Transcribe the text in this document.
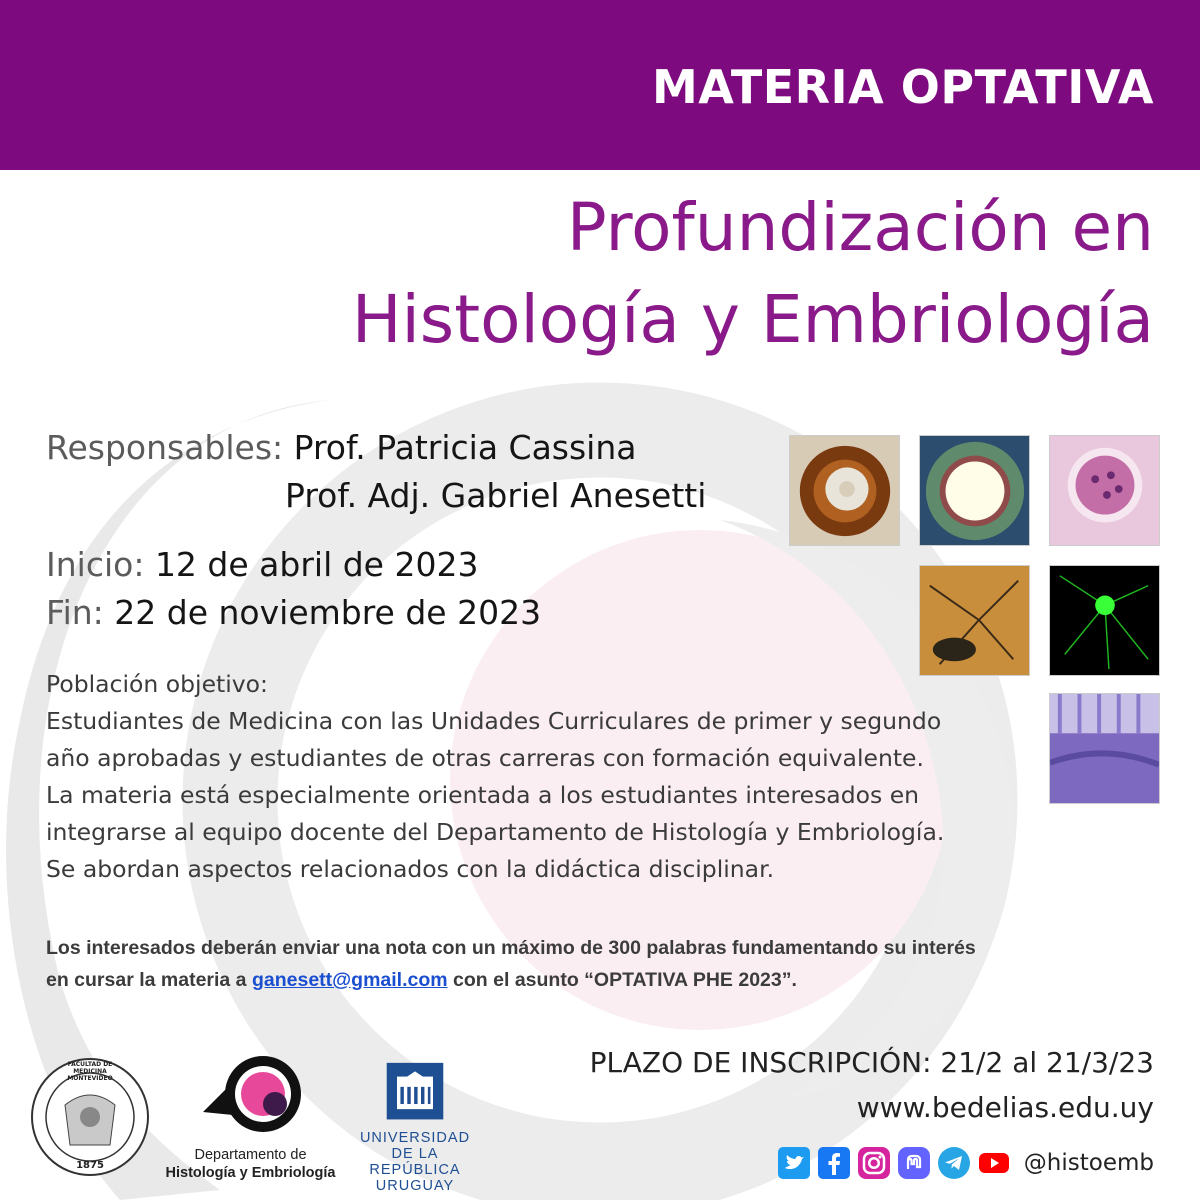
MATERIA OPTATIVA
Profundización en
Histología y Embriología
Responsables: Prof. Patricia Cassina
Prof. Adj. Gabriel Anesetti
Inicio: 12 de abril de 2023
Fin: 22 de noviembre de 2023
Población objetivo:
Estudiantes de Medicina con las Unidades Curriculares de primer y segundo
año aprobadas y estudiantes de otras carreras con formación equivalente.
La materia está especialmente orientada a los estudiantes interesados en
integrarse al equipo docente del Departamento de Histología y Embriología.
Se abordan aspectos relacionados con la didáctica disciplinar.
Los interesados deberán enviar una nota con un máximo de 300 palabras fundamentando su interés
en cursar la materia a ganesett@gmail.com con el asunto “OPTATIVA PHE 2023”.
FACULTAD DE MEDICINA MONTEVIDEO
1875
Departamento de
Histología y Embriología
UNIVERSIDAD
DE LA REPÚBLICA
URUGUAY
PLAZO DE INSCRIPCIÓN: 21/2 al 21/3/23
www.bedelias.edu.uy
@histoemb
